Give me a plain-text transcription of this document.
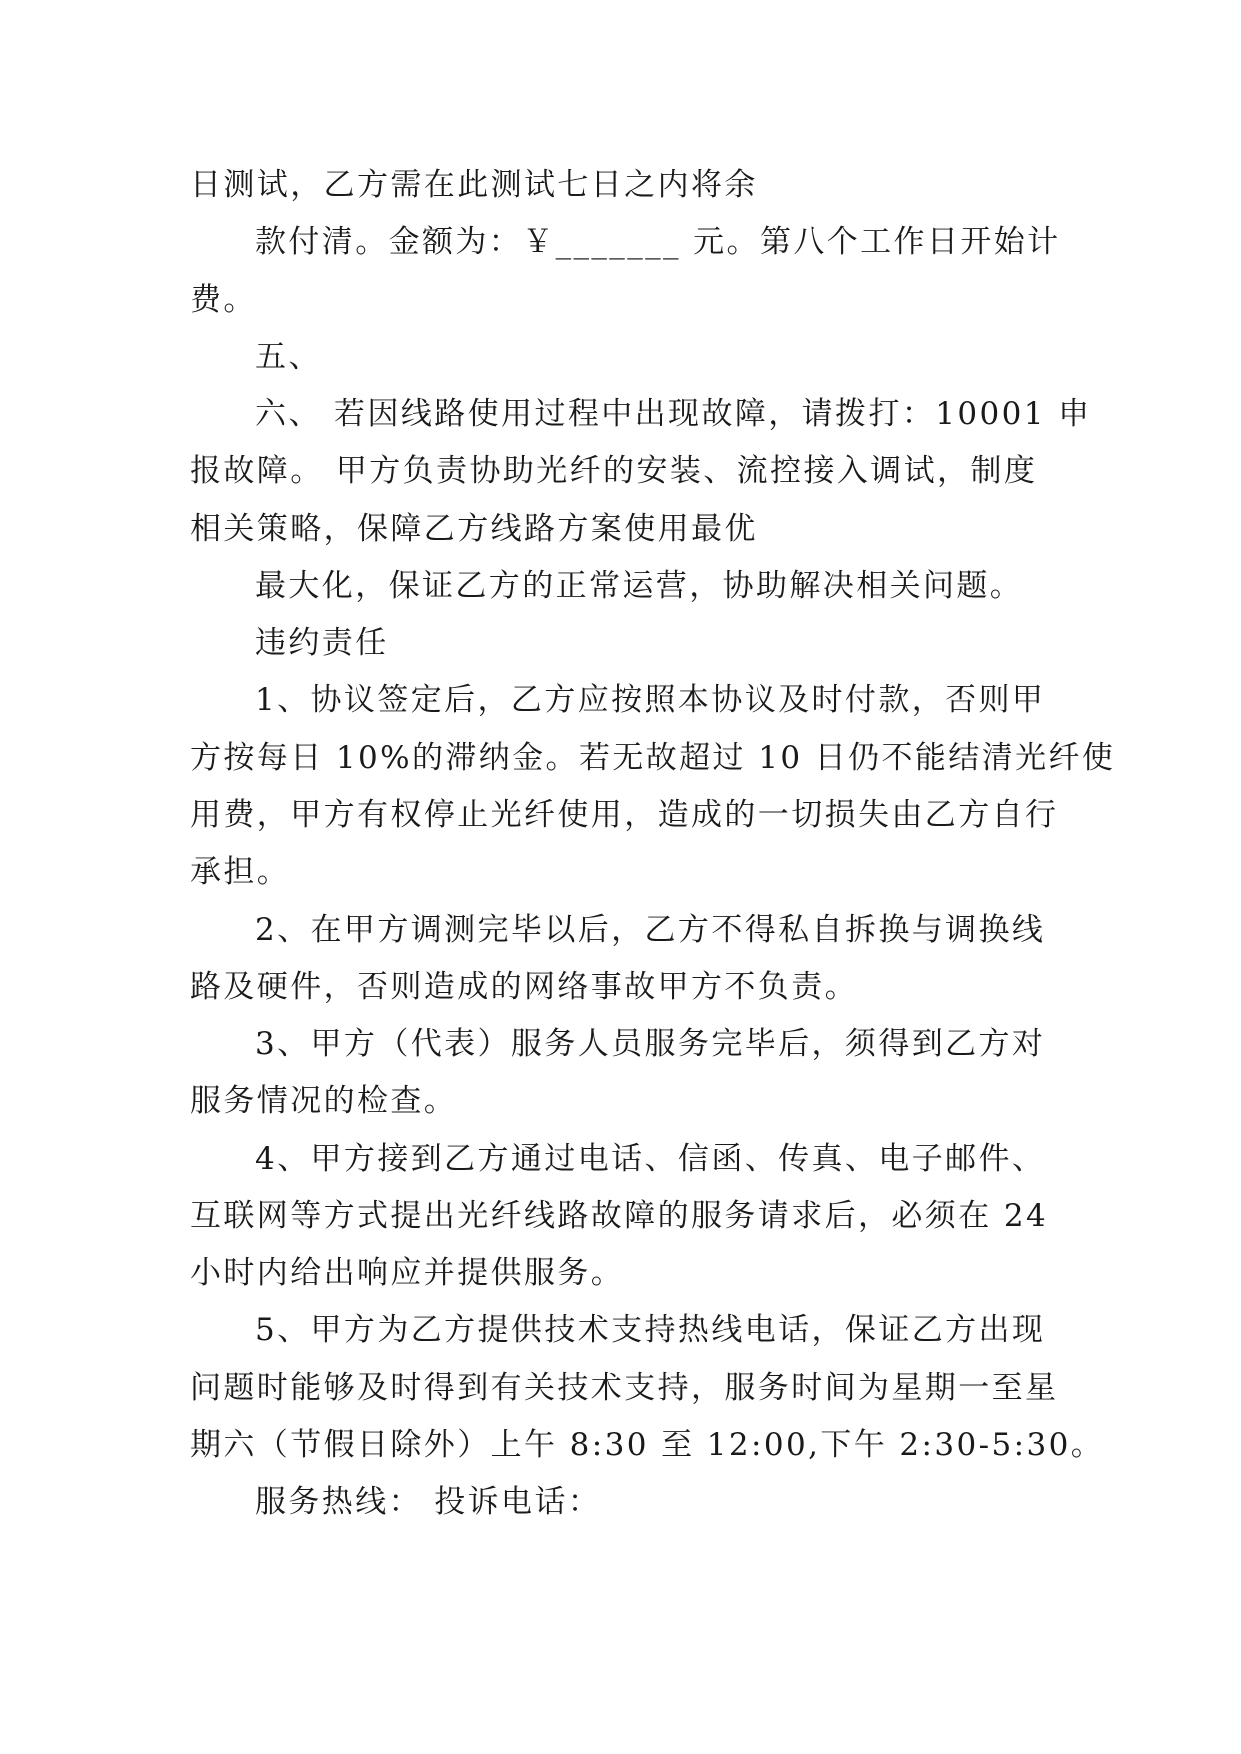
日测试，乙方需在此测试七日之内将余

款付清。金额为：￥_______ 元。第八个工作日开始计

费。

五、

六、 若因线路使用过程中出现故障，请拨打：10001 申

报故障。 甲方负责协助光纤的安装、流控接入调试，制度

相关策略，保障乙方线路方案使用最优

最大化，保证乙方的正常运营，协助解决相关问题。

违约责任

1、协议签定后，乙方应按照本协议及时付款，否则甲

方按每日 10%的滞纳金。若无故超过 10 日仍不能结清光纤使

用费，甲方有权停止光纤使用，造成的一切损失由乙方自行

承担。

2、在甲方调测完毕以后，乙方不得私自拆换与调换线

路及硬件，否则造成的网络事故甲方不负责。

3、甲方（代表）服务人员服务完毕后，须得到乙方对

服务情况的检查。

4、甲方接到乙方通过电话、信函、传真、电子邮件、

互联网等方式提出光纤线路故障的服务请求后，必须在 24

小时内给出响应并提供服务。

5、甲方为乙方提供技术支持热线电话，保证乙方出现

问题时能够及时得到有关技术支持，服务时间为星期一至星

期六（节假日除外）上午 8:30 至 12:00,下午 2:30-5:30。

服务热线： 投诉电话：
